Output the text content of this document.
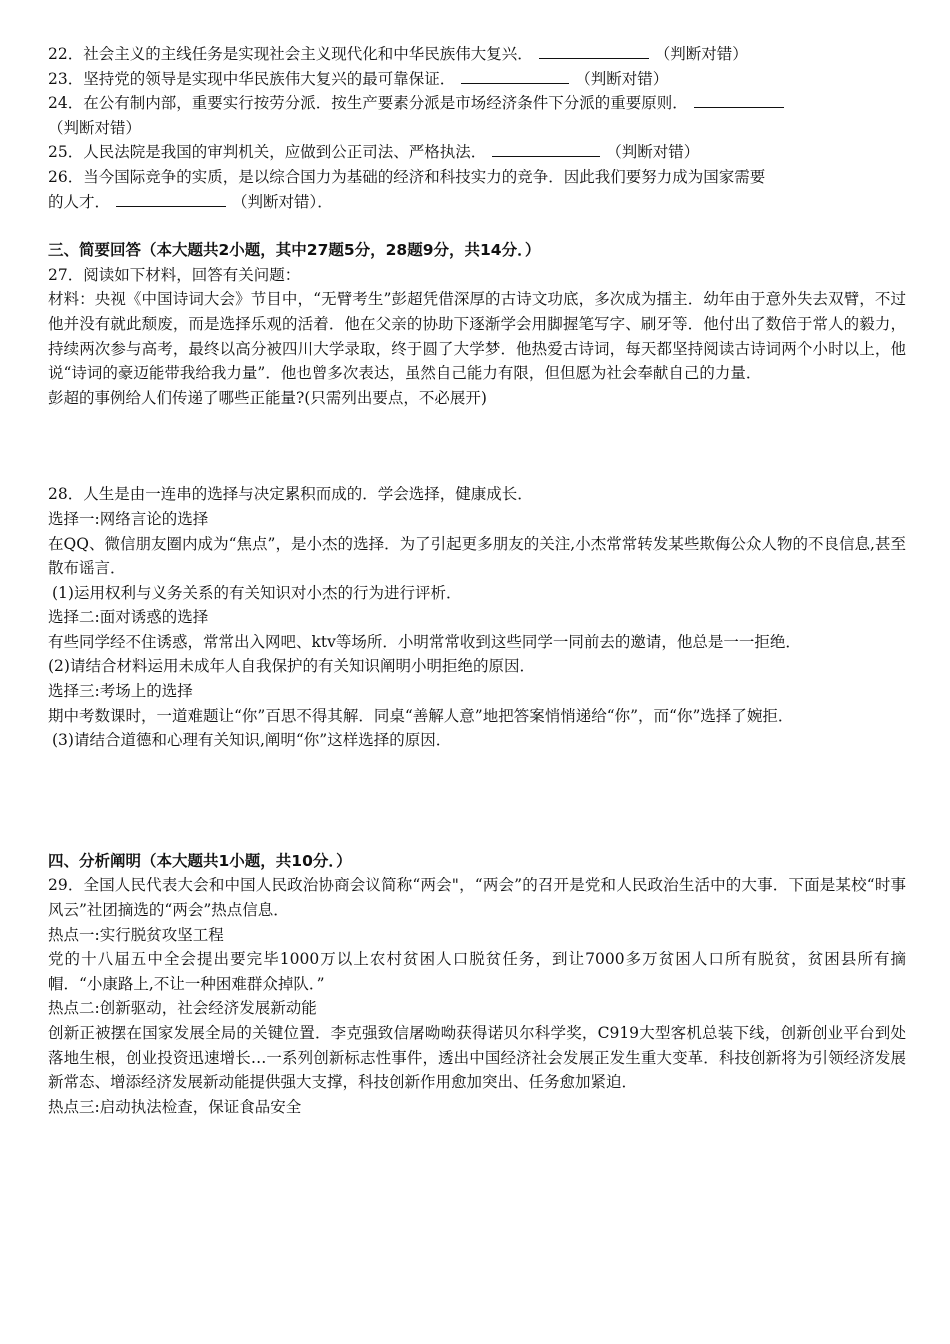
22．社会主义的主线任务是实现社会主义现代化和中华民族伟大复兴．	（判断对错）
23．坚持党的领导是实现中华民族伟大复兴的最可靠保证．	（判断对错）
24．在公有制内部，重要实行按劳分派．按生产要素分派是市场经济条件下分派的重要原则．
（判断对错）
25．人民法院是我国的审判机关，应做到公正司法、严格执法．	（判断对错）
26．当今国际竞争的实质，是以综合国力为基础的经济和科技实力的竞争．因此我们要努力成为国家需要
的人才．	（判断对错）．
三、简要回答（本大题共2小题，其中27题5分，28题9分，共14分．）
27．阅读如下材料，回答有关问题：
材料：央视《中国诗词大会》节目中，“无臂考生”彭超凭借深厚的古诗文功底，多次成为擂主．幼年由于意外失去双臂，不过他并没有就此颓废，而是选择乐观的活着．他在父亲的协助下逐渐学会用脚握笔写字、刷牙等．他付出了数倍于常人的毅力，持续两次参与高考，最终以高分被四川大学录取，终于圆了大学梦．他热爱古诗词，每天都坚持阅读古诗词两个小时以上，他说“诗词的豪迈能带我给我力量”．他也曾多次表达，虽然自己能力有限，但但愿为社会奉献自己的力量．
彭超的事例给人们传递了哪些正能量?(只需列出要点，不必展开)
28．人生是由一连串的选择与决定累积而成的．学会选择，健康成长．
选择一:网络言论的选择
在QQ、微信朋友圈内成为“焦点”，是小杰的选择．为了引起更多朋友的关注,小杰常常转发某些欺侮公众人物的不良信息,甚至散布谣言．
(1)运用权利与义务关系的有关知识对小杰的行为进行评析．
选择二:面对诱惑的选择
有些同学经不住诱惑，常常出入网吧、ktv等场所．小明常常收到这些同学一同前去的邀请，他总是一一拒绝．
(2)请结合材料运用未成年人自我保护的有关知识阐明小明拒绝的原因．
选择三:考场上的选择
期中考数课时，一道难题让“你”百思不得其解．同桌“善解人意”地把答案悄悄递给“你”，而“你”选择了婉拒．
(3)请结合道德和心理有关知识,阐明“你”这样选择的原因．
四、分析阐明（本大题共1小题，共10分．）
29．全国人民代表大会和中国人民政治协商会议简称“两会"，“两会”的召开是党和人民政治生活中的大事．下面是某校“时事风云”社团摘选的“两会”热点信息．
热点一:实行脱贫攻坚工程
党的十八届五中全会提出要完毕1000万以上农村贫困人口脱贫任务，到让7000多万贫困人口所有脱贫，贫困县所有摘帽．“小康路上,不让一种困难群众掉队．”
热点二:创新驱动，社会经济发展新动能
创新正被摆在国家发展全局的关键位置．李克强致信屠呦呦获得诺贝尔科学奖，C919大型客机总装下线，创新创业平台到处落地生根，创业投资迅速增长…一系列创新标志性事件，透出中国经济社会发展正发生重大变革．科技创新将为引领经济发展新常态、增添经济发展新动能提供强大支撑，科技创新作用愈加突出、任务愈加紧迫．
热点三:启动执法检查，保证食品安全
